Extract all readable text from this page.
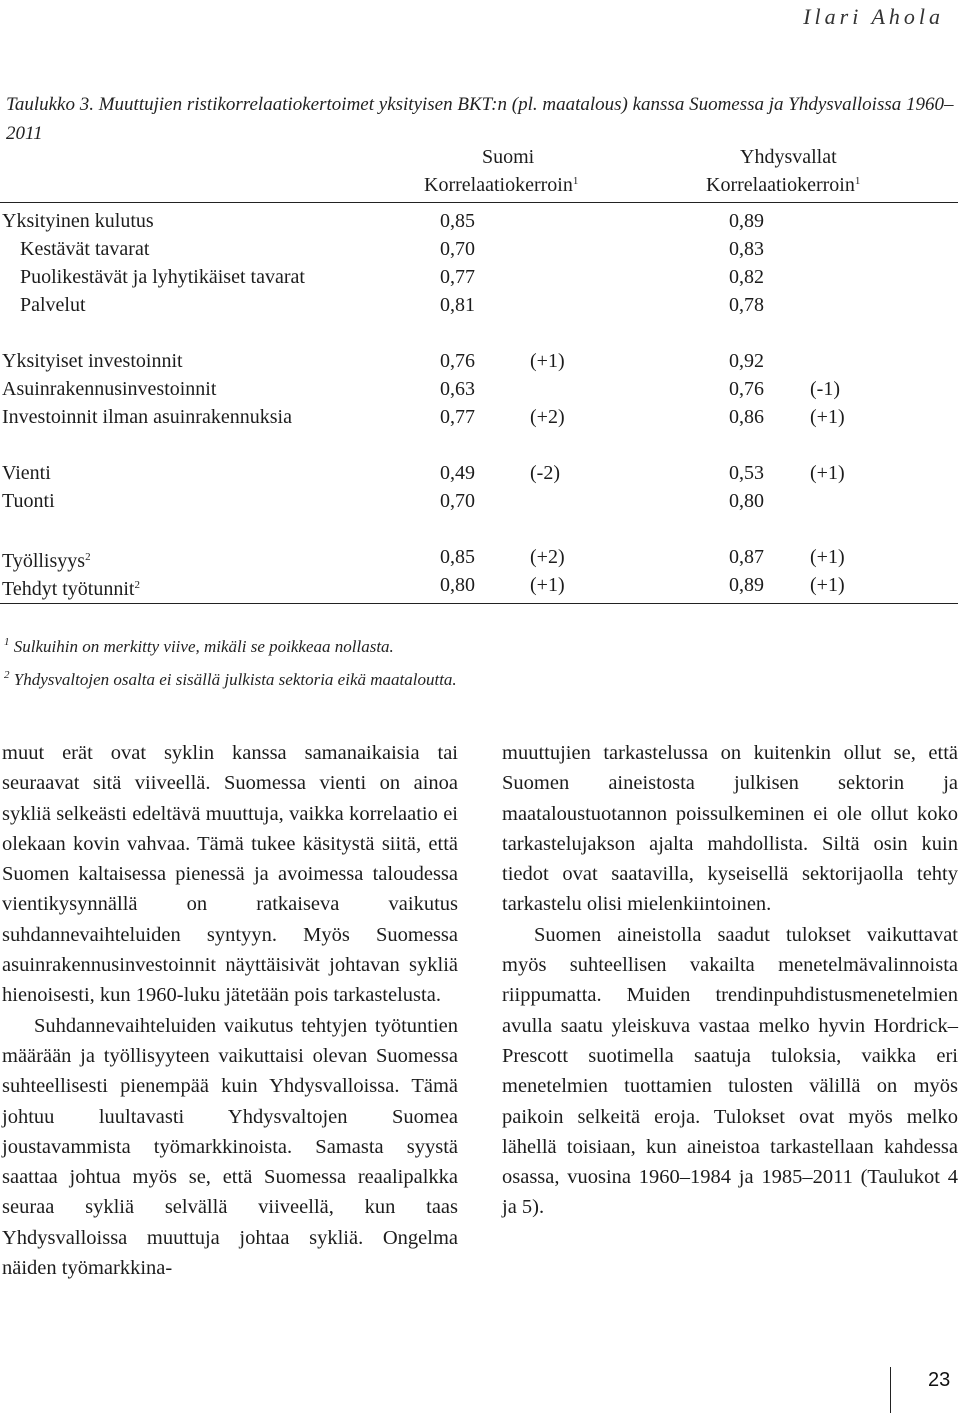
Ilari Ahola
Taulukko 3. Muuttujien ristikorrelaatiokertoimet yksityisen BKT:n (pl. maatalous) kanssa Suomessa ja Yhdysvalloissa 1960–
2011
Suomi	Yhdysvallat
Korrelaatiokerroin$^1$	Korrelaatiokerroin$^1$
Yksityinen kulutus	0,85	0,89
Kestävät tavarat	0,70	0,83
Puolikestävät ja lyhytikäiset tavarat	0,77	0,82
Palvelut	0,81	0,78
Yksityiset investoinnit	0,76	(+1)	0,92
Asuinrakennusinvestoinnit	0,63	0,76 (-1)
Investoinnit ilman asuinrakennuksia	0,77	(+2)	0,86 (+1)
Vienti	0,49	(-2)	0,53 (+1)
Tuonti	0,70	0,80
Työllisyys$^2$	0,85	(+2)	0,87 (+1)
Tehdyt työtunnit$^2$	0,80	(+1)	0,89 (+1)
$^1$ Sulkuihin on merkitty viive, mikäli se poikkeaa nollasta.
$^2$ Yhdysvaltojen osalta ei sisällä julkista sektoria eikä maataloutta.

muut erät ovat syklin kanssa samanaikaisia tai seuraavat sitä viiveellä. Suomessa vienti on ainoa sykliä selkeästi edeltävä muuttuja, vaikka korrelaatio ei olekaan kovin vahvaa. Tämä tukee käsitystä siitä, että Suomen kaltaisessa pienessä ja avoimessa taloudessa vientikysynnällä on ratkaiseva vaikutus suhdannevaihteluiden syntyyn. Myös Suomessa asuinrakennusinvestoinnit näyttäisivät johtavan sykliä hienoisesti, kun 1960-luku jätetään pois tarkastelusta.

Suhdannevaihteluiden vaikutus tehtyjen työtuntien määrään ja työllisyyteen vaikuttaisi olevan Suomessa suhteellisesti pienempää kuin Yhdysvalloissa. Tämä johtuu luultavasti Yhdysvaltojen Suomea joustavammista työmarkkinoista. Samasta syystä saattaa johtua myös se, että Suomessa reaalipalkka seuraa sykliä selvällä viiveellä, kun taas Yhdysvalloissa muuttuja johtaa sykliä. Ongelma näiden työmarkkina-

muuttujien tarkastelussa on kuitenkin ollut se, että Suomen aineistosta julkisen sektorin ja maataloustuotannon poissulkeminen ei ole ollut koko tarkastelujakson ajalta mahdollista. Siltä osin kuin tiedot ovat saatavilla, kyseisellä sektorijaolla tehty tarkastelu olisi mielenkiintoinen.

Suomen aineistolla saadut tulokset vaikuttavat myös suhteellisen vakailta menetelmävalinnoista riippumatta. Muiden trendinpuhdistusmenetelmien avulla saatu yleiskuva vastaa melko hyvin Hordrick–Prescott suotimella saatuja tuloksia, vaikka eri menetelmien tuottamien tulosten välillä on myös paikoin selkeitä eroja. Tulokset ovat myös melko lähellä toisiaan, kun aineistoa tarkastellaan kahdessa osassa, vuosina 1960–1984 ja 1985–2011 (Taulukot 4 ja 5).

23
